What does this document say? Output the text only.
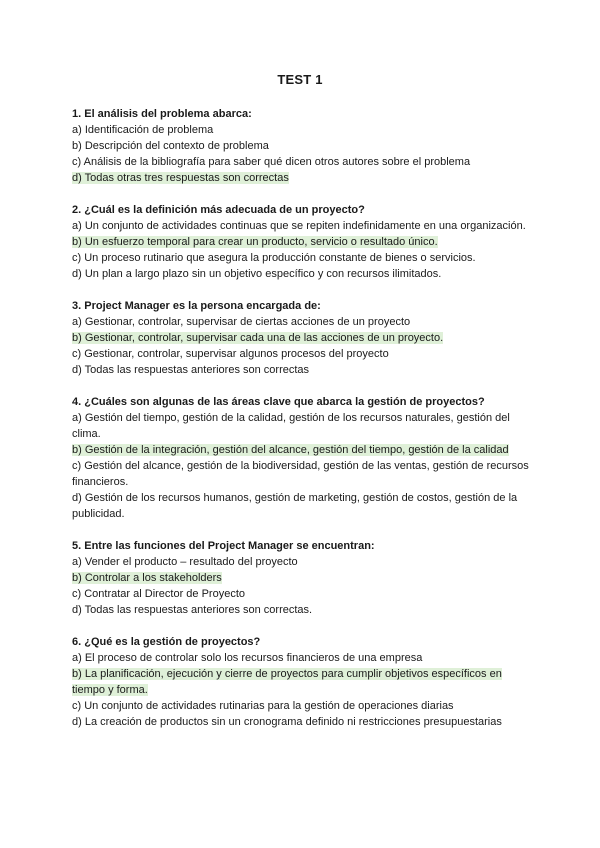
TEST 1

1. El análisis del problema abarca:

a) Identificación de problema
b) Descripción del contexto de problema
c) Análisis de la bibliografía para saber qué dicen otros autores sobre el problema
d) Todas otras tres respuestas son correctas

2. ¿Cuál es la definición más adecuada de un proyecto?

a) Un conjunto de actividades continuas que se repiten indefinidamente en una organización.
b) Un esfuerzo temporal para crear un producto, servicio o resultado único.
c) Un proceso rutinario que asegura la producción constante de bienes o servicios.
d) Un plan a largo plazo sin un objetivo específico y con recursos ilimitados.

3. Project Manager es la persona encargada de:

a) Gestionar, controlar, supervisar de ciertas acciones de un proyecto
b) Gestionar, controlar, supervisar cada una de las acciones de un proyecto.
c) Gestionar, controlar, supervisar algunos procesos del proyecto
d) Todas las respuestas anteriores son correctas

4. ¿Cuáles son algunas de las áreas clave que abarca la gestión de proyectos?

a) Gestión del tiempo, gestión de la calidad, gestión de los recursos naturales, gestión del clima.
b) Gestión de la integración, gestión del alcance, gestión del tiempo, gestión de la calidad
c) Gestión del alcance, gestión de la biodiversidad, gestión de las ventas, gestión de recursos financieros.
d) Gestión de los recursos humanos, gestión de marketing, gestión de costos, gestión de la publicidad.

5. Entre las funciones del Project Manager se encuentran:

a) Vender el producto – resultado del proyecto
b) Controlar a los stakeholders
c) Contratar al Director de Proyecto
d) Todas las respuestas anteriores son correctas.

6. ¿Qué es la gestión de proyectos?

a) El proceso de controlar solo los recursos financieros de una empresa
b) La planificación, ejecución y cierre de proyectos para cumplir objetivos específicos en tiempo y forma.
c) Un conjunto de actividades rutinarias para la gestión de operaciones diarias
d) La creación de productos sin un cronograma definido ni restricciones presupuestarias
